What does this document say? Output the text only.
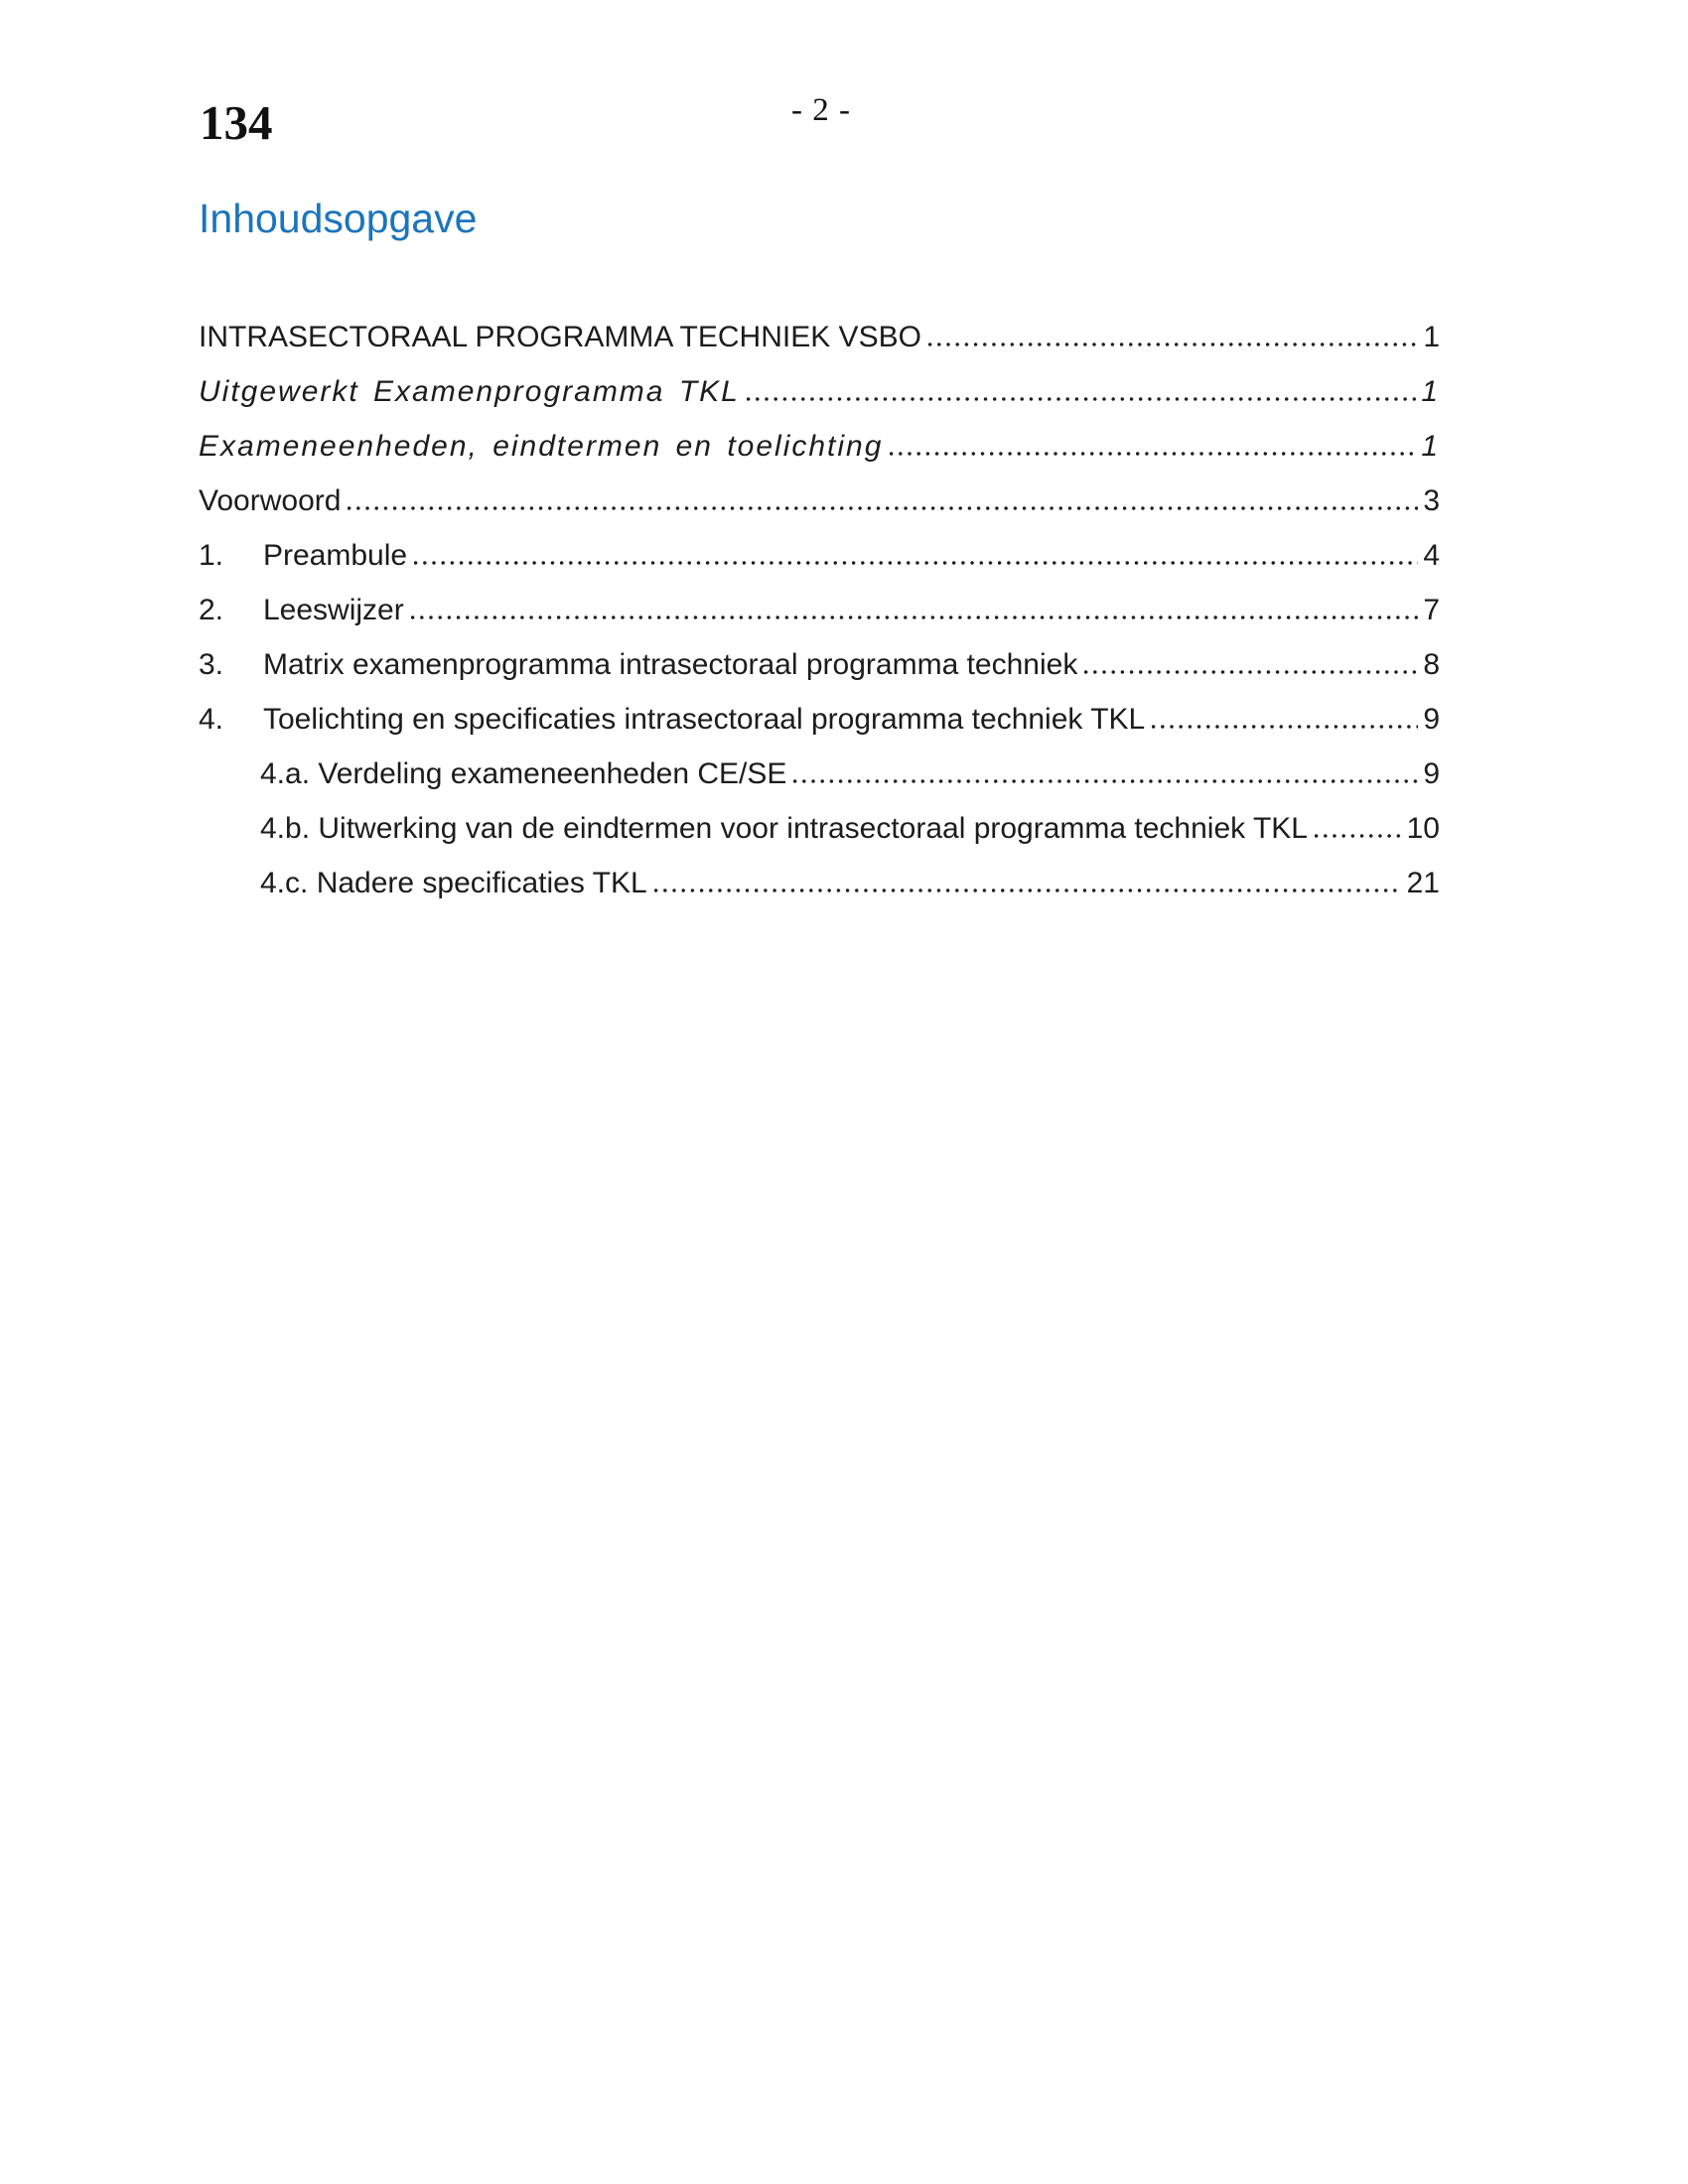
134	- 2 -
Inhoudsopgave
INTRASECTORAAL PROGRAMMA TECHNIEK VSBO	1
Uitgewerkt Examenprogramma TKL	1
Exameneenheden, eindtermen en toelichting	1
Voorwoord	3
1.	Preambule	4
2.	Leeswijzer	7
3.	Matrix examenprogramma intrasectoraal programma techniek	8
4.	Toelichting en specificaties intrasectoraal programma techniek TKL	9
4.a. Verdeling exameneenheden CE/SE	9
4.b. Uitwerking van de eindtermen voor intrasectoraal programma techniek TKL	10
4.c. Nadere specificaties TKL	21
